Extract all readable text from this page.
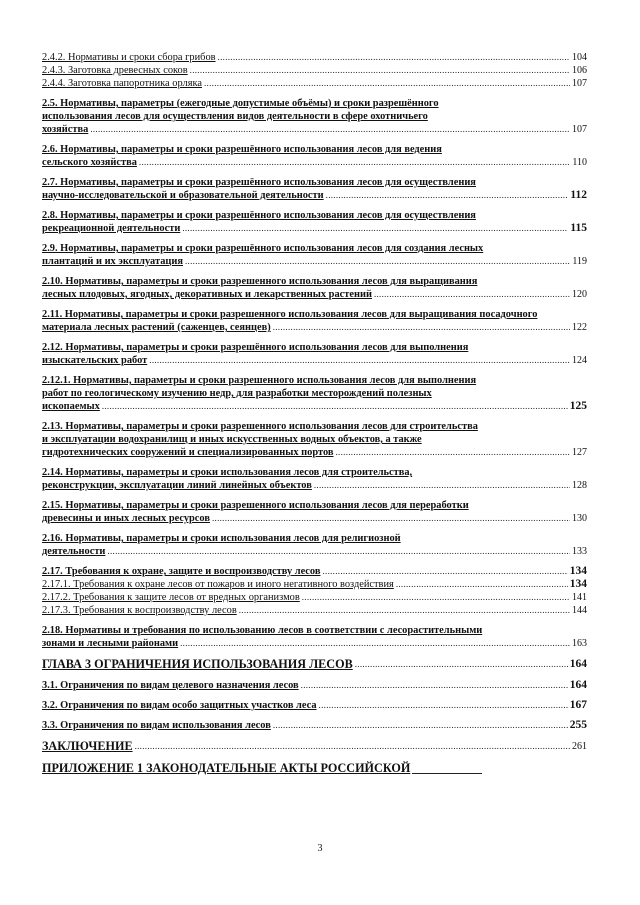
2.4.2. Нормативы и сроки сбора грибов .....	104
2.4.3. Заготовка древесных соков .....	106
2.4.4. Заготовка папоротника орляка .....	107
2.5. Нормативы, параметры (ежегодные допустимые объёмы) и сроки разрешённого
использования лесов для осуществления видов деятельности в сфере охотничьего
хозяйства .....	107
2.6. Нормативы, параметры и сроки разрешённого использования лесов для ведения
сельского хозяйства .....	110
2.7. Нормативы, параметры и сроки разрешённого использования лесов для осуществления
научно-исследовательской и образовательной деятельности .....	112
2.8. Нормативы, параметры и сроки разрешённого использования лесов для осуществления
рекреационной деятельности .....	115
2.9. Нормативы, параметры и сроки разрешённого использования лесов для создания лесных
плантаций и их эксплуатация .....	119
2.10. Нормативы, параметры и сроки разрешенного использования лесов для выращивания
лесных плодовых, ягодных, декоративных и лекарственных растений .....	120
2.11. Нормативы, параметры и сроки разрешенного использования лесов для выращивания посадочного
материала лесных растений (саженцев, сеянцев) .....	122
2.12. Нормативы, параметры и сроки разрешённого использования лесов для выполнения
изыскательских работ .....	124
2.12.1. Нормативы, параметры и сроки разрешенного использования лесов для выполнения
работ по геологическому изучению недр, для разработки месторождений полезных
ископаемых .....	125
2.13. Нормативы, параметры и сроки разрешенного использования лесов для строительства
и эксплуатации водохранилищ и иных искусственных водных объектов, а также
гидротехнических сооружений и специализированных портов .....	127
2.14. Нормативы, параметры и сроки использования лесов для строительства,
реконструкции, эксплуатации линий линейных объектов .....	128
2.15. Нормативы, параметры и сроки разрешенного использования лесов для переработки
древесины и иных лесных ресурсов .....	130
2.16. Нормативы, параметры и сроки использования лесов для религиозной
деятельности .....	133
2.17. Требования к охране, защите и воспроизводству лесов .....	134
2.17.1. Требования к охране лесов от пожаров и иного негативного воздействия .....	134
2.17.2. Требования к защите лесов от вредных организмов .....	141
2.17.3. Требования к воспроизводству лесов .....	144
2.18. Нормативы и требования по использованию лесов в соответствии с лесорастительными
зонами и лесными районами .....	163
ГЛАВА 3 ОГРАНИЧЕНИЯ ИСПОЛЬЗОВАНИЯ ЛЕСОВ .....	164
3.1. Ограничения по видам целевого назначения лесов .....	164
3.2. Ограничения по видам особо защитных участков леса .....	167
3.3. Ограничения по видам использования лесов .....	255
ЗАКЛЮЧЕНИЕ .....	261
ПРИЛОЖЕНИЕ 1 ЗАКОНОДАТЕЛЬНЫЕ АКТЫ РОССИЙСКОЙ
3
